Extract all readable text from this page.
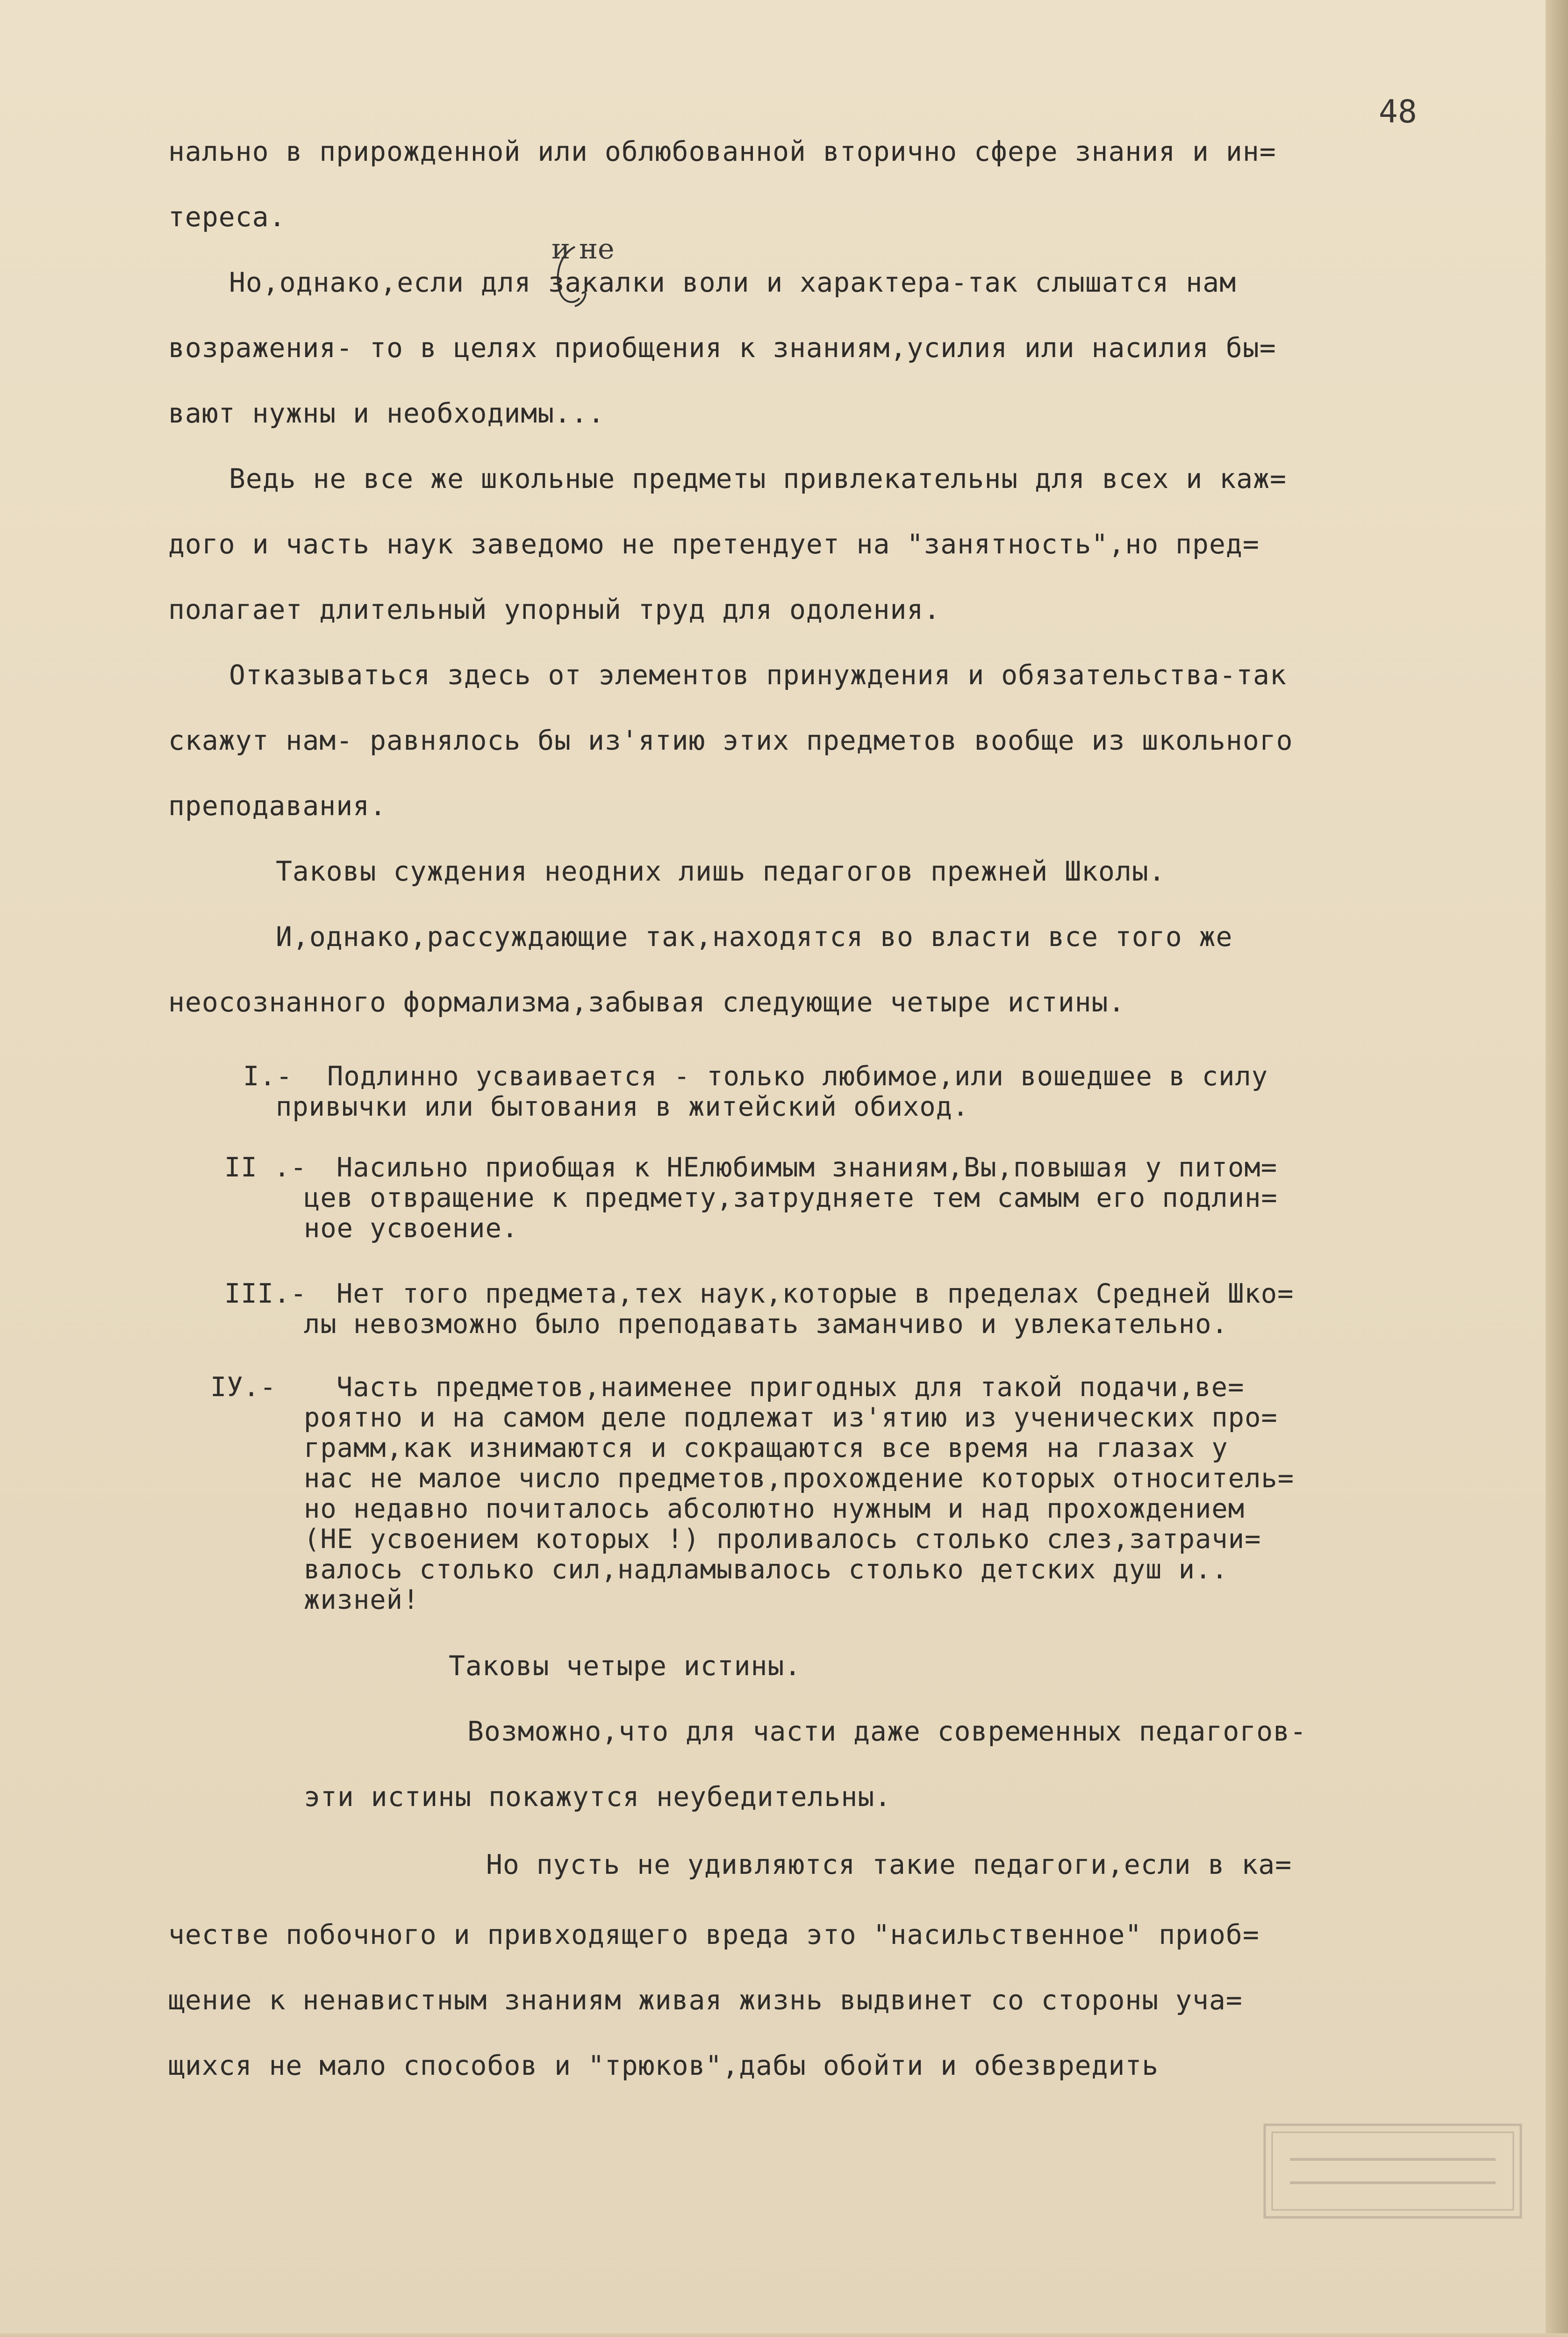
48
нально в прирожденной или облюбованной вторично сфере знания и ин=
тереса.
и не
Но,однако,если для закалки воли и характера-так слышатся нам
возражения- то в целях приобщения к знаниям,усилия или насилия бы=
вают нужны и необходимы...
Ведь не все же школьные предметы привлекательны для всех и каж=
дого и часть наук заведомо не претендует на "занятность",но пред=
полагает длительный упорный труд для одоления.
Отказываться здесь от элементов принуждения и обязательства-так
скажут нам- равнялось бы из'ятию этих предметов вообще из школьного
преподавания.
Таковы суждения неодних лишь педагогов прежней Школы.
И,однако,рассуждающие так,находятся во власти все того же
неосознанного формализма,забывая следующие четыре истины.
I.- Подлинно усваивается - только любимое,или вошедшее в силу
привычки или бытования в житейский обиход.
II .- Насильно приобщая к НЕлюбимым знаниям,Вы,повышая у питом=
цев отвращение к предмету,затрудняете тем самым его подлин=
ное усвоение.
III.- Нет того предмета,тех наук,которые в пределах Средней Шко=
лы невозможно было преподавать заманчиво и увлекательно.
IУ.- Часть предметов,наименее пригодных для такой подачи,ве=
роятно и на самом деле подлежат из'ятию из ученических про=
грамм,как изнимаются и сокращаются все время на глазах у
нас не малое число предметов,прохождение которых относитель=
но недавно почиталось абсолютно нужным и над прохождением
(НЕ усвоением которых !) проливалось столько слез,затрачи=
валось столько сил,надламывалось столько детских душ и..
жизней!
Таковы четыре истины.
Возможно,что для части даже современных педагогов-
эти истины покажутся неубедительны.
Но пусть не удивляются такие педагоги,если в ка=
честве побочного и привходящего вреда это "насильственное" приоб=
щение к ненавистным знаниям живая жизнь выдвинет со стороны уча=
щихся не мало способов и "трюков",дабы обойти и обезвредить
